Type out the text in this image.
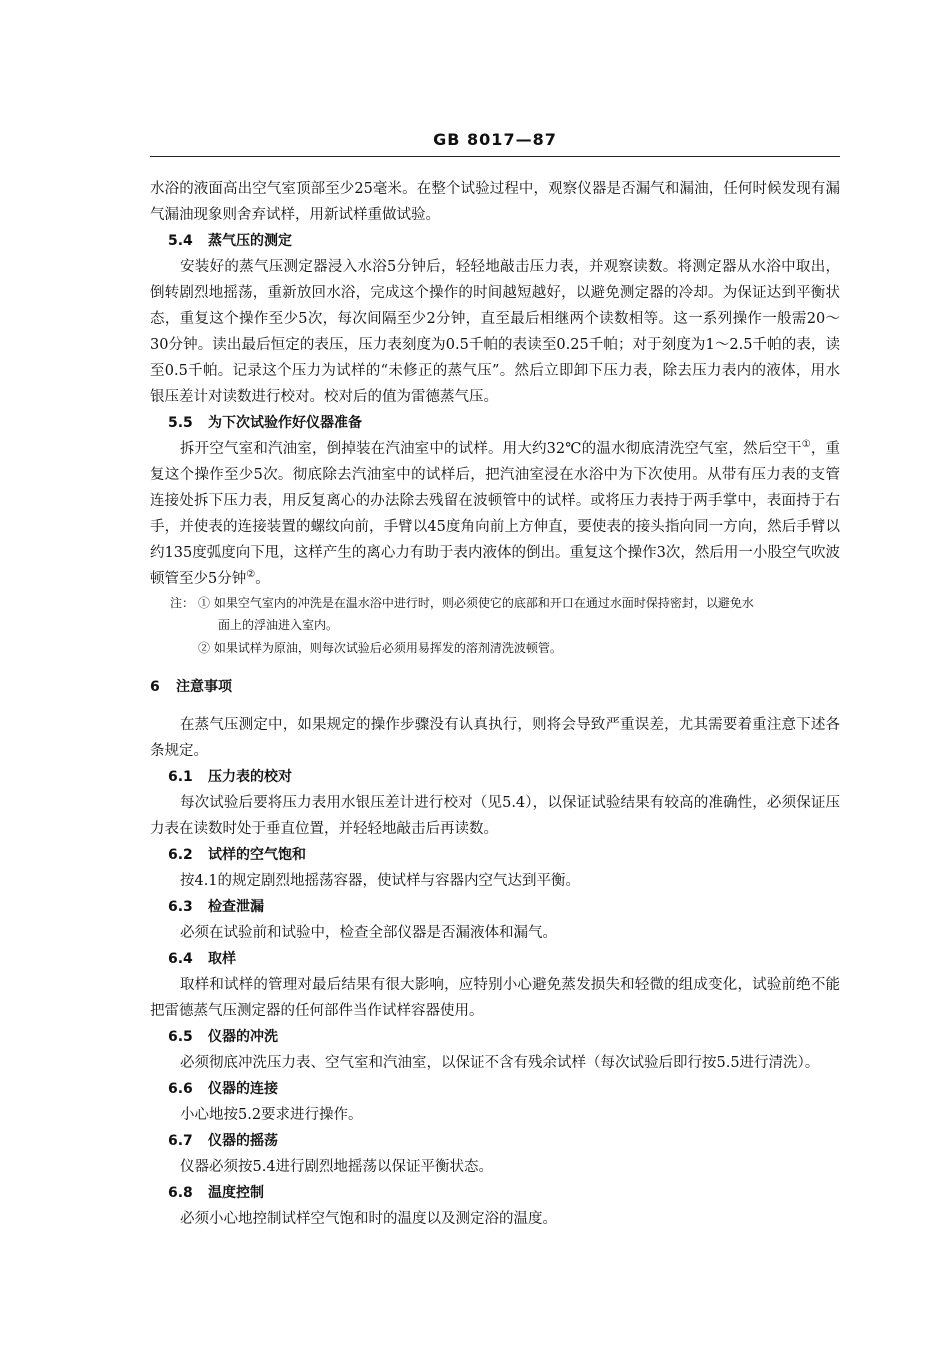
GB 8017—87

水浴的液面高出空气室顶部至少25毫米。在整个试验过程中，观察仪器是否漏气和漏油，任何时候发现有漏气漏油现象则舍弃试样，用新试样重做试验。

5.4 蒸气压的测定

安装好的蒸气压测定器浸入水浴5分钟后，轻轻地敲击压力表，并观察读数。将测定器从水浴中取出，倒转剧烈地摇荡，重新放回水浴，完成这个操作的时间越短越好，以避免测定器的冷却。为保证达到平衡状态，重复这个操作至少5次，每次间隔至少2分钟，直至最后相继两个读数相等。这一系列操作一般需20～30分钟。读出最后恒定的表压，压力表刻度为0.5千帕的表读至0.25千帕；对于刻度为1～2.5千帕的表，读至0.5千帕。记录这个压力为试样的“未修正的蒸气压”。然后立即卸下压力表，除去压力表内的液体，用水银压差计对读数进行校对。校对后的值为雷德蒸气压。

5.5 为下次试验作好仪器准备

拆开空气室和汽油室，倒掉装在汽油室中的试样。用大约32℃的温水彻底清洗空气室，然后空干①，重复这个操作至少5次。彻底除去汽油室中的试样后，把汽油室浸在水浴中为下次使用。从带有压力表的支管连接处拆下压力表，用反复离心的办法除去残留在波顿管中的试样。或将压力表持于两手掌中，表面持于右手，并使表的连接装置的螺纹向前，手臂以45度角向前上方伸直，要使表的接头指向同一方向，然后手臂以约135度弧度向下甩，这样产生的离心力有助于表内液体的倒出。重复这个操作3次，然后用一小股空气吹波顿管至少5分钟②。

注： ① 如果空气室内的冲洗是在温水浴中进行时，则必须使它的底部和开口在通过水面时保持密封，以避免水

面上的浮油进入室内。

② 如果试样为原油，则每次试验后必须用易挥发的溶剂清洗波顿管。

6 注意事项

在蒸气压测定中，如果规定的操作步骤没有认真执行，则将会导致严重误差，尤其需要着重注意下述各条规定。

6.1 压力表的校对

每次试验后要将压力表用水银压差计进行校对（见5.4），以保证试验结果有较高的准确性，必须保证压力表在读数时处于垂直位置，并轻轻地敲击后再读数。

6.2 试样的空气饱和

按4.1的规定剧烈地摇荡容器，使试样与容器内空气达到平衡。

6.3 检查泄漏

必须在试验前和试验中，检查全部仪器是否漏液体和漏气。

6.4 取样

取样和试样的管理对最后结果有很大影响，应特别小心避免蒸发损失和轻微的组成变化，试验前绝不能把雷德蒸气压测定器的任何部件当作试样容器使用。

6.5 仪器的冲洗

必须彻底冲洗压力表、空气室和汽油室，以保证不含有残余试样（每次试验后即行按5.5进行清洗）。

6.6 仪器的连接

小心地按5.2要求进行操作。

6.7 仪器的摇荡

仪器必须按5.4进行剧烈地摇荡以保证平衡状态。

6.8 温度控制

必须小心地控制试样空气饱和时的温度以及测定浴的温度。
